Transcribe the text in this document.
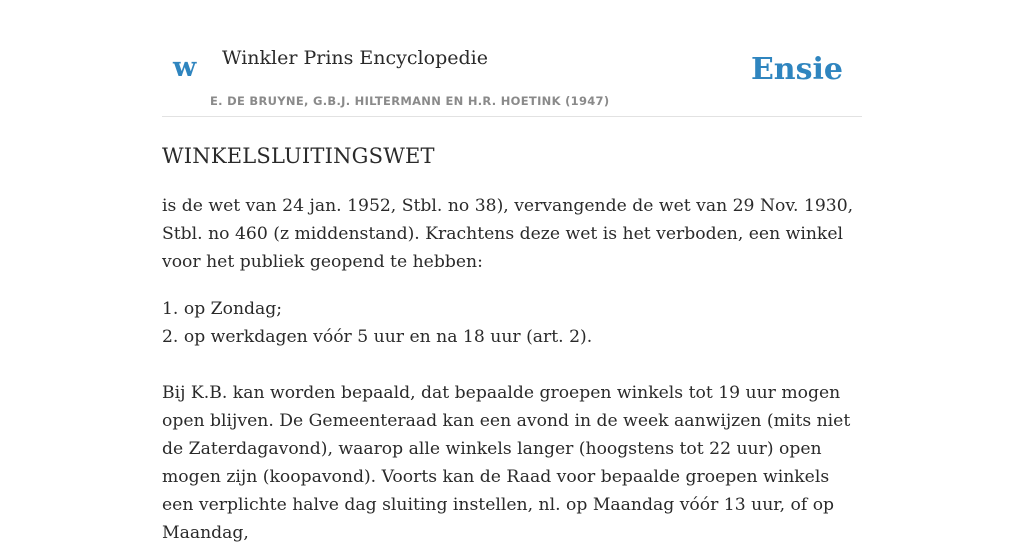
w Winkler Prins Encyclopedie
E. DE BRUYNE, G.B.J. HILTERMANN EN H.R. HOETINK (1947)
Ensie
WINKELSLUITINGSWET

is de wet van 24 jan. 1952, Stbl. no 38), vervangende de wet van 29 Nov. 1930, Stbl. no 460 (z middenstand). Krachtens deze wet is het verboden, een winkel voor het publiek geopend te hebben:

1. op Zondag;
2. op werkdagen vóór 5 uur en na 18 uur (art. 2).

Bij K.B. kan worden bepaald, dat bepaalde groepen winkels tot 19 uur mogen open blijven. De Gemeenteraad kan een avond in de week aanwijzen (mits niet de Zaterdagavond), waarop alle winkels langer (hoogstens tot 22 uur) open mogen zijn (koopavond). Voorts kan de Raad voor bepaalde groepen winkels een verplichte halve dag sluiting instellen, nl. op Maandag vóór 13 uur, of op Maandag,
